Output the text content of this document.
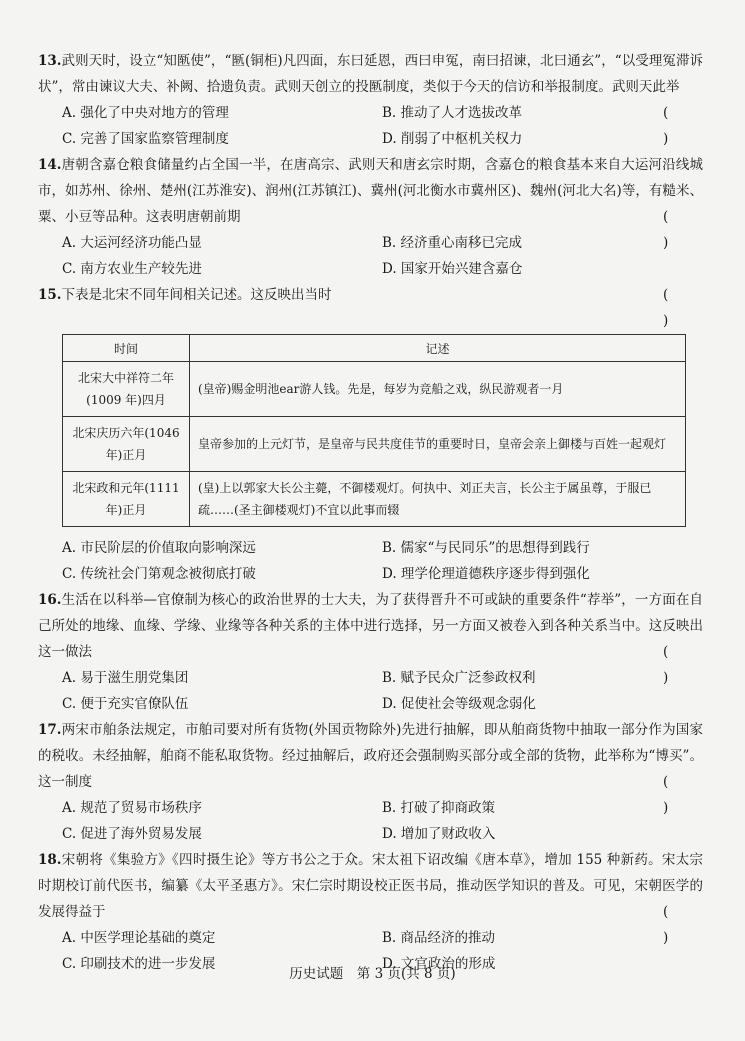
13.武则天时，设立“知匦使”，“匦(铜柜)凡四面，东曰延恩，西曰申冤，南曰招谏，北曰通玄”，“以受理冤滞诉状”，常由谏议大夫、补阙、拾遗负责。武则天创立的投匦制度，类似于今天的信访和举报制度。武则天此举
( )

A. 强化了中央对地方的管理	B. 推动了人才选拔改革
C. 完善了国家监察管理制度	D. 削弱了中枢机关权力

14.唐朝含嘉仓粮食储量约占全国一半，在唐高宗、武则天和唐玄宗时期，含嘉仓的粮食基本来自大运河沿线城市，如苏州、徐州、楚州(江苏淮安)、润州(江苏镇江)、冀州(河北衡水市冀州区)、魏州(河北大名)等，有糙米、粟、小豆等品种。这表明唐朝前期	( )

A. 大运河经济功能凸显	B. 经济重心南移已完成
C. 南方农业生产较先进	D. 国家开始兴建含嘉仓

15.下表是北宋不同年间相关记述。这反映出当时	( )

时间	记述
北宋大中祥符二年(1009 年)四月	(皇帝)赐金明池ear游人钱。先是，每岁为竞船之戏，纵民游观者一月
北宋庆历六年(1046 年)正月	皇帝参加的上元灯节，是皇帝与民共度佳节的重要时日，皇帝会亲上御楼与百姓一起观灯
北宋政和元年(1111 年)正月	(皇)上以郭家大长公主薨，不御楼观灯。何执中、刘正夫言，长公主于属虽尊，于服已疏……(圣主御楼观灯)不宜以此事而辍
A. 市民阶层的价值取向影响深远	B. 儒家“与民同乐”的思想得到践行
C. 传统社会门第观念被彻底打破	D. 理学伦理道德秩序逐步得到强化

16.生活在以科举—官僚制为核心的政治世界的士大夫，为了获得晋升不可或缺的重要条件“荐举”，一方面在自己所处的地缘、血缘、学缘、业缘等各种关系的主体中进行选择，另一方面又被卷入到各种关系当中。这反映出这一做法	( )

A. 易于滋生朋党集团	B. 赋予民众广泛参政权利
C. 便于充实官僚队伍	D. 促使社会等级观念弱化

17.两宋市舶条法规定，市舶司要对所有货物(外国贡物除外)先进行抽解，即从舶商货物中抽取一部分作为国家的税收。未经抽解，舶商不能私取货物。经过抽解后，政府还会强制购买部分或全部的货物，此举称为“博买”。这一制度	( )

A. 规范了贸易市场秩序	B. 打破了抑商政策
C. 促进了海外贸易发展	D. 增加了财政收入

18.宋朝将《集验方》《四时摄生论》等方书公之于众。宋太祖下诏改编《唐本草》，增加 155 种新药。宋太宗时期校订前代医书，编纂《太平圣惠方》。宋仁宗时期设校正医书局，推动医学知识的普及。可见，宋朝医学的发展得益于	( )

A. 中医学理论基础的奠定	B. 商品经济的推动
C. 印刷技术的进一步发展	D. 文官政治的形成
历史试题　第 3 页(共 8 页)
